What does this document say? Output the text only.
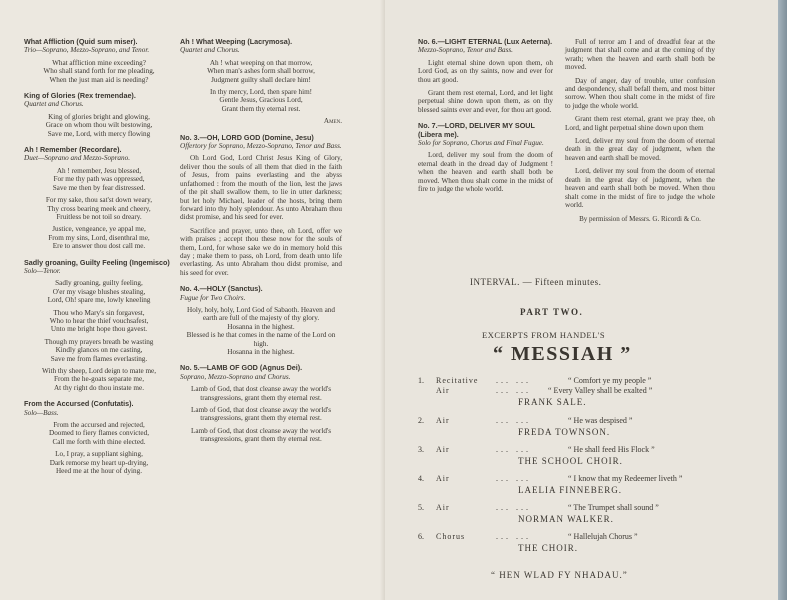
What Affliction (Quid sum miser).
Trio—Soprano, Mezzo-Soprano, and Tenor.
What affliction mine exceeding?
Who shall stand forth for me pleading,
When the just man aid is needing?
King of Glories (Rex tremendae).
Quartet and Chorus.
King of glories bright and glowing,
Grace on whom thou wilt bestowing,
Save me, Lord, with mercy flowing
Ah ! Remember (Recordare).
Duet—Soprano and Mezzo-Soprano.
Ah ! remember, Jesu blessed,
For me thy path was oppressed,
Save me then by fear distressed.
For my sake, thou sat'st down weary,
Thy cross bearing meek and cheery,
Fruitless be not toil so dreary.
Justice, vengeance, ye appal me,
From my sins, Lord, disenthral me,
Ere to answer thou dost call me.
Sadly groaning, Guilty Feeling (Ingemisco)
Solo—Tenor.
Sadly groaning, guilty feeling,
O'er my visage blushes stealing,
Lord, Oh! spare me, lowly kneeling
Thou who Mary's sin forgavest,
Who to hear the thief vouchsafest,
Unto me bright hope thou gavest.
Though my prayers breath be wasting
Kindly glances on me casting,
Save me from flames everlasting.
With thy sheep, Lord deign to mate me,
From the he-goats separate me,
At thy right do thou instate me.
From the Accursed (Confutatis).
Solo—Bass.
From the accursed and rejected,
Doomed to fiery flames convicted,
Call me forth with thine elected.
Lo, I pray, a suppliant sighing,
Dark remorse my heart up-drying,
Heed me at the hour of dying.
Ah ! What Weeping (Lacrymosa).
Quartet and Chorus.
Ah ! what weeping on that morrow,
When man's ashes form shall borrow,
Judgment guilty shall declare him!
In thy mercy, Lord, then spare him!
Gentle Jesus, Gracious Lord,
Grant them thy eternal rest.
Amen.
No. 3.—OH, LORD GOD (Domine, Jesu)
Offertory for Soprano, Mezzo-Soprano, Tenor and Bass.
Oh Lord God, Lord Christ Jesus King of Glory, deliver thou the souls of all them that died in the faith of Jesus, from pains everlasting and the abyss unfathomed : from the mouth of the lion, lest the jaws of the pit shall swallow them, to lie in utter darkness; but let holy Michael, leader of the hosts, bring them forward into thy holy splendour. As unto Abraham thou didst promise, and his seed for ever.
Sacrifice and prayer, unto thee, oh Lord, offer we with praises ; accept thou these now for the souls of them, Lord, for whose sake we do in memory hold this day ; make them to pass, oh Lord, from death unto life everlasting. As unto Abraham thou didst promise, and his seed for ever.
No. 4.—HOLY (Sanctus).
Fugue for Two Choirs.
Holy, holy, holy, Lord God of Sabaoth. Heaven and earth are full of the majesty of thy glory.
Hosanna in the highest.
Blessed is he that comes in the name of the Lord on high.
Hosanna in the highest.
No. 5.—LAMB OF GOD (Agnus Dei).
Soprano, Mezzo-Soprano and Chorus.
Lamb of God, that dost cleanse away the world's transgressions, grant them thy eternal rest.
Lamb of God, that dost cleanse away the world's transgressions, grant them thy eternal rest.
Lamb of God, that dost cleanse away the world's transgressions, grant them thy eternal rest.
No. 6.—LIGHT ETERNAL (Lux Aeterna).
Mezzo-Soprano, Tenor and Bass.
Light eternal shine down upon them, oh Lord God, as on thy saints, now and ever for thou art good.
Grant them rest eternal, Lord, and let light perpetual shine down upon them, as on thy blessed saints ever and ever, for thou art good.
No. 7.—LORD, DELIVER MY SOUL (Libera me).
Solo for Soprano, Chorus and Final Fugue.
Lord, deliver my soul from the doom of eternal death in the dread day of Judgment ! when the heaven and earth shall both be moved. When thou shalt come in the midst of fire to judge the whole world.
Full of terror am I and of dreadful fear at the judgment that shall come and at the coming of thy wrath; when the heaven and earth shall both be moved.
Day of anger, day of trouble, utter confusion and despondency, shall befall them, and most bitter sorrow. When thou shalt come in the midst of fire to judge the whole world.
Grant them rest eternal, grant we pray thee, oh Lord, and light perpetual shine down upon them
Lord, deliver my soul from the doom of eternal death in the great day of judgment, when the heaven and earth shall be moved.
Lord, deliver my soul from the doom of eternal death in the great day of judgment, when the heaven and earth shall both be moved. When thou shalt come in the midst of fire to judge the whole world.
By permission of Messrs. G. Ricordi & Co.
INTERVAL. — Fifteen minutes.
PART TWO.
EXCERPTS FROM HANDEL'S
“ MESSIAH ”
1.	Recitative ... ...	“ Comfort ye my people ”
Air	... ... “ Every Valley shall be exalted ”
FRANK SALE.
2.	Air	... ...	“ He was despised ”
FREDA TOWNSON.
3.	Air	... ...	“ He shall feed His Flock ”
THE SCHOOL CHOIR.
4.	Air	... ...	“ I know that my Redeemer liveth ”
LAELIA FINNEBERG.
5.	Air	... ...	“ The Trumpet shall sound ”
NORMAN WALKER.
6.	Chorus	... ...	“ Hallelujah Chorus ”
THE CHOIR.
“ HEN WLAD FY NHADAU.”
